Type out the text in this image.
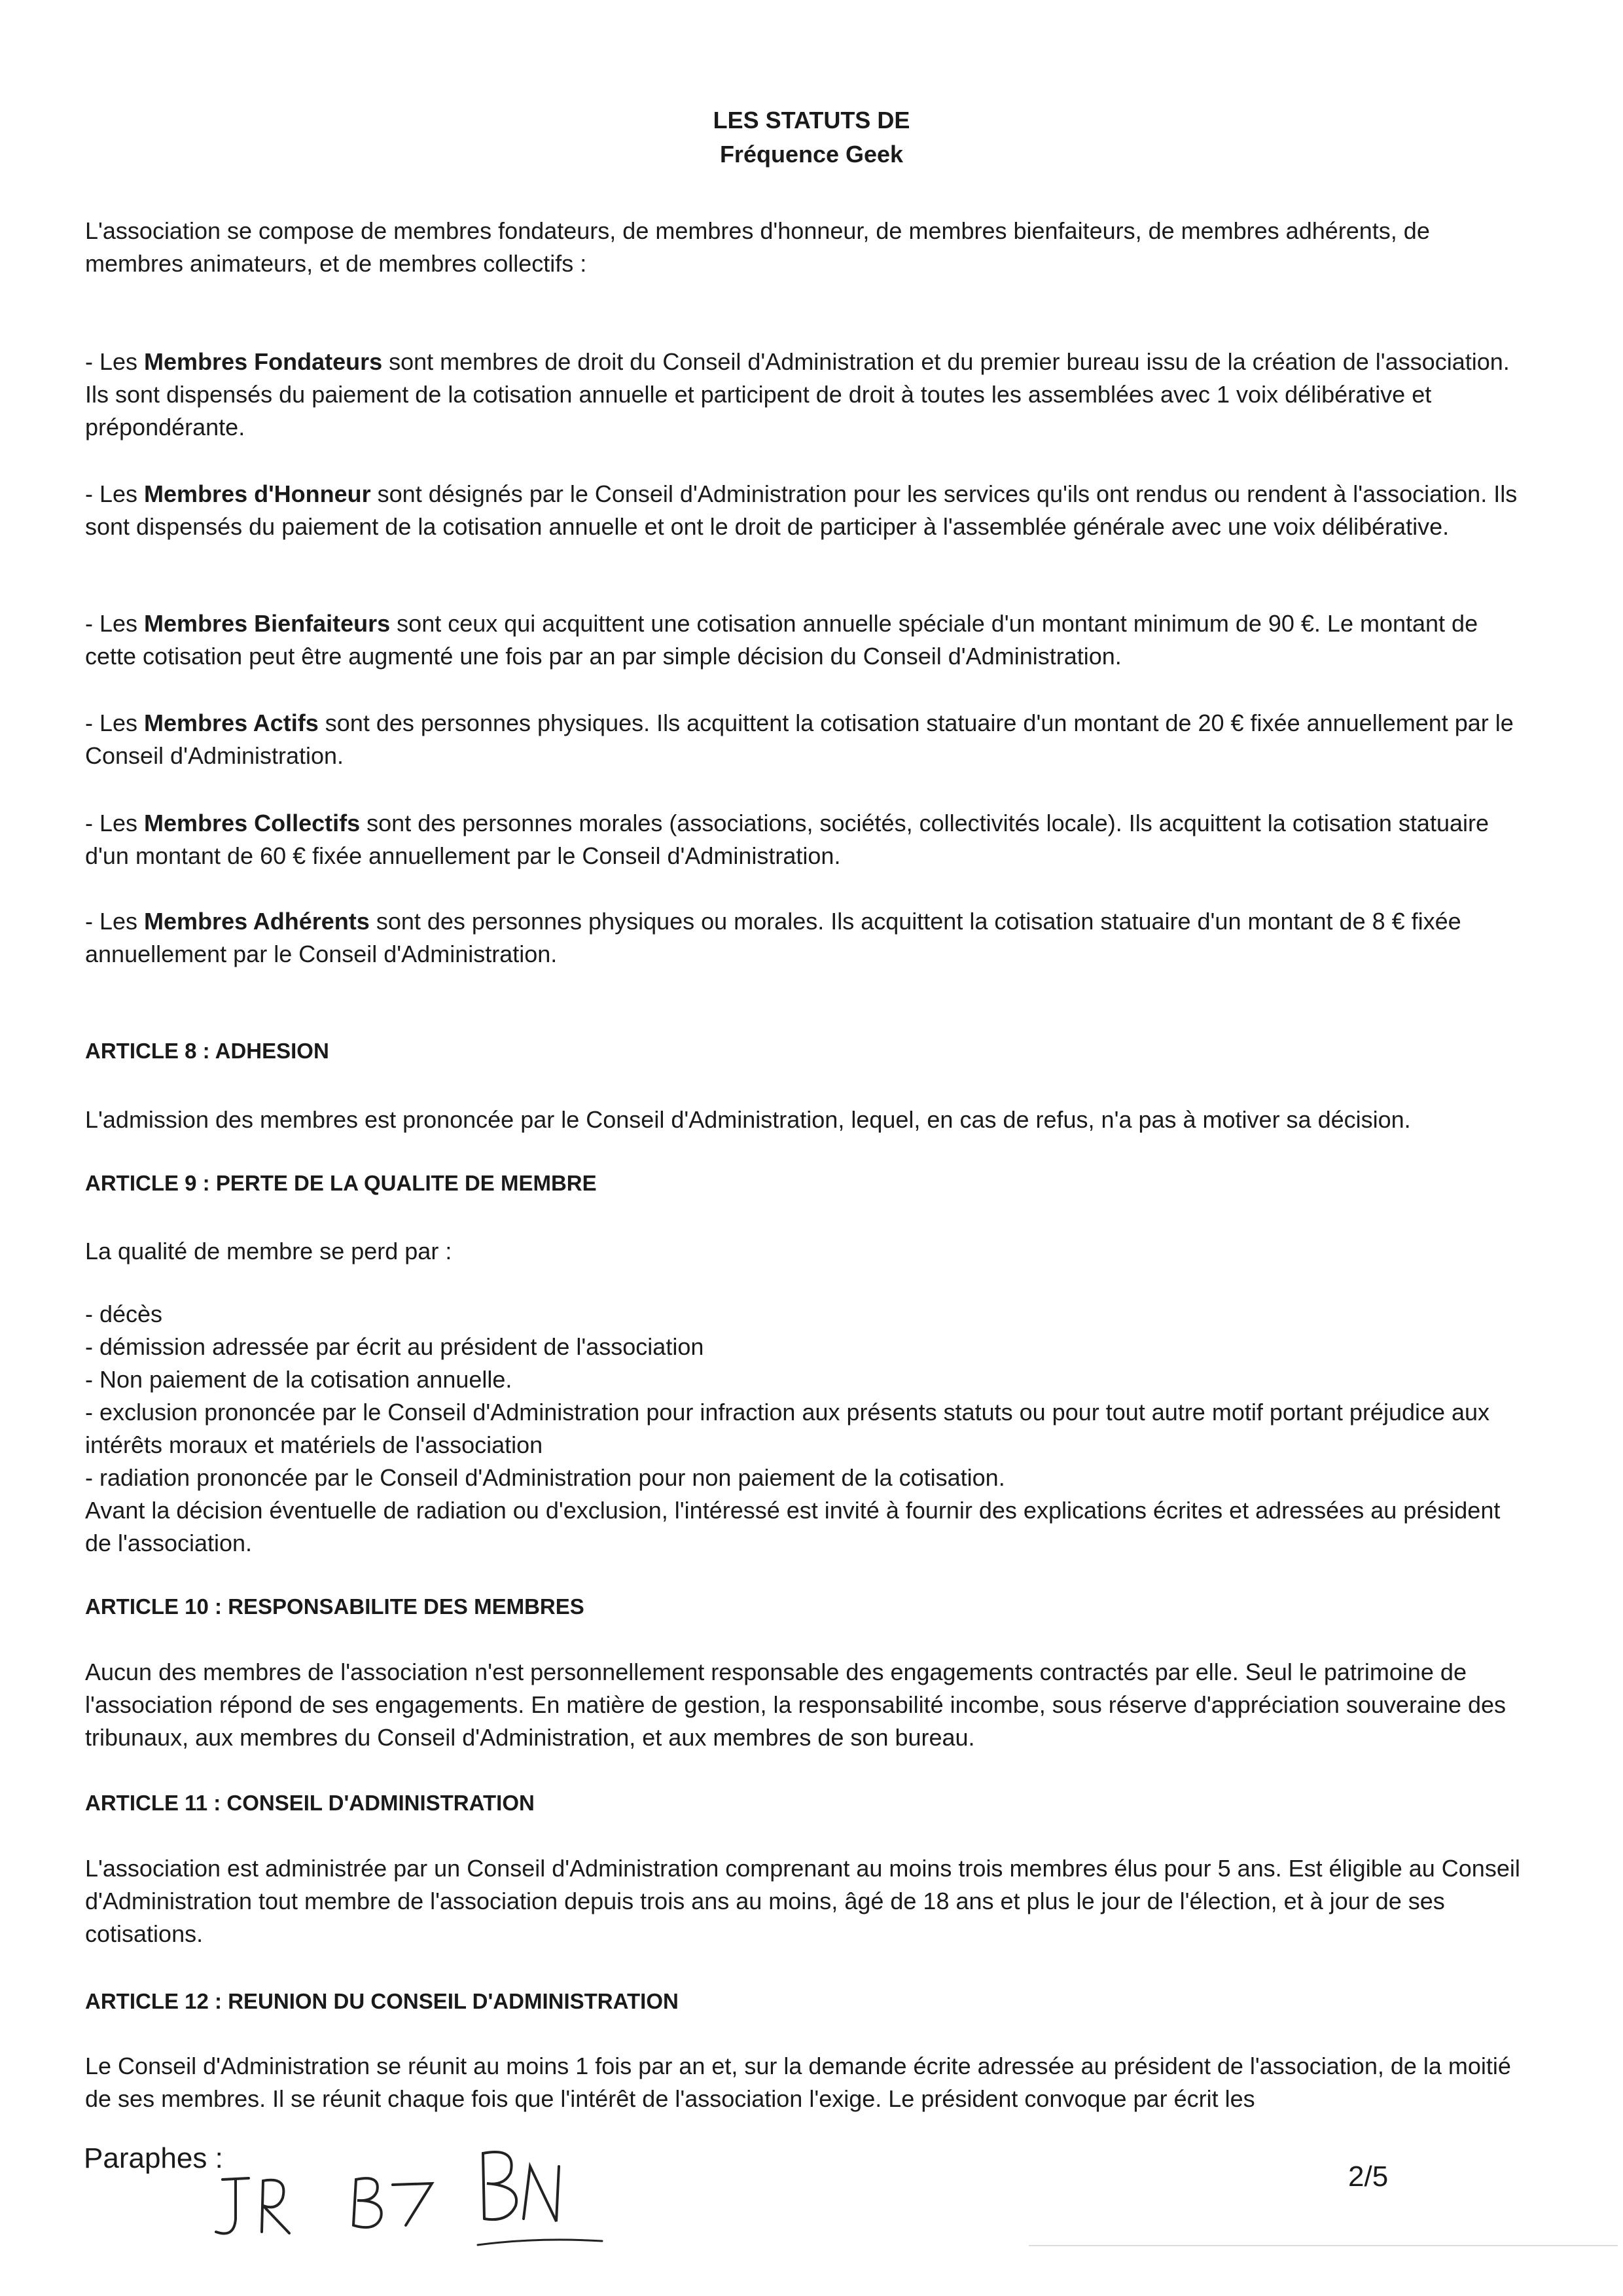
LES STATUTS DE
Fréquence Geek

L'association se compose de membres fondateurs, de membres d'honneur, de membres bienfaiteurs, de membres adhérents, de membres animateurs, et de membres collectifs :

- Les Membres Fondateurs sont membres de droit du Conseil d'Administration et du premier bureau issu de la création de l'association. Ils sont dispensés du paiement de la cotisation annuelle et participent de droit à toutes les assemblées avec 1 voix délibérative et prépondérante.

- Les Membres d'Honneur sont désignés par le Conseil d'Administration pour les services qu'ils ont rendus ou rendent à l'association. Ils sont dispensés du paiement de la cotisation annuelle et ont le droit de participer à l'assemblée générale avec une voix délibérative.

- Les Membres Bienfaiteurs sont ceux qui acquittent une cotisation annuelle spéciale d'un montant minimum de 90 €. Le montant de cette cotisation peut être augmenté une fois par an par simple décision du Conseil d'Administration.

- Les Membres Actifs sont des personnes physiques. Ils acquittent la cotisation statuaire d'un montant de 20 € fixée annuellement par le Conseil d'Administration.

- Les Membres Collectifs sont des personnes morales (associations, sociétés, collectivités locale). Ils acquittent la cotisation statuaire d'un montant de 60 € fixée annuellement par le Conseil d'Administration.

- Les Membres Adhérents sont des personnes physiques ou morales. Ils acquittent la cotisation statuaire d'un montant de 8 € fixée annuellement par le Conseil d'Administration.

ARTICLE 8 : ADHESION
L'admission des membres est prononcée par le Conseil d'Administration, lequel, en cas de refus, n'a pas à motiver sa décision.
ARTICLE 9 : PERTE DE LA QUALITE DE MEMBRE
La qualité de membre se perd par :

- décès

- démission adressée par écrit au président de l'association

- Non paiement de la cotisation annuelle.

- exclusion prononcée par le Conseil d'Administration pour infraction aux présents statuts ou pour tout autre motif portant préjudice aux intérêts moraux et matériels de l'association

- radiation prononcée par le Conseil d'Administration pour non paiement de la cotisation.

Avant la décision éventuelle de radiation ou d'exclusion, l'intéressé est invité à fournir des explications écrites et adressées au président de l'association.

ARTICLE 10 : RESPONSABILITE DES MEMBRES
Aucun des membres de l'association n'est personnellement responsable des engagements contractés par elle. Seul le patrimoine de l'association répond de ses engagements. En matière de gestion, la responsabilité incombe, sous réserve d'appréciation souveraine des tribunaux, aux membres du Conseil d'Administration, et aux membres de son bureau.
ARTICLE 11 : CONSEIL D'ADMINISTRATION
L'association est administrée par un Conseil d'Administration comprenant au moins trois membres élus pour 5 ans. Est éligible au Conseil d'Administration tout membre de l'association depuis trois ans au moins, âgé de 18 ans et plus le jour de l'élection, et à jour de ses cotisations.
ARTICLE 12 : REUNION DU CONSEIL D'ADMINISTRATION
Le Conseil d'Administration se réunit au moins 1 fois par an et, sur la demande écrite adressée au président de l'association, de la moitié de ses membres. Il se réunit chaque fois que l'intérêt de l'association l'exige. Le président convoque par écrit les
Paraphes :
2/5
